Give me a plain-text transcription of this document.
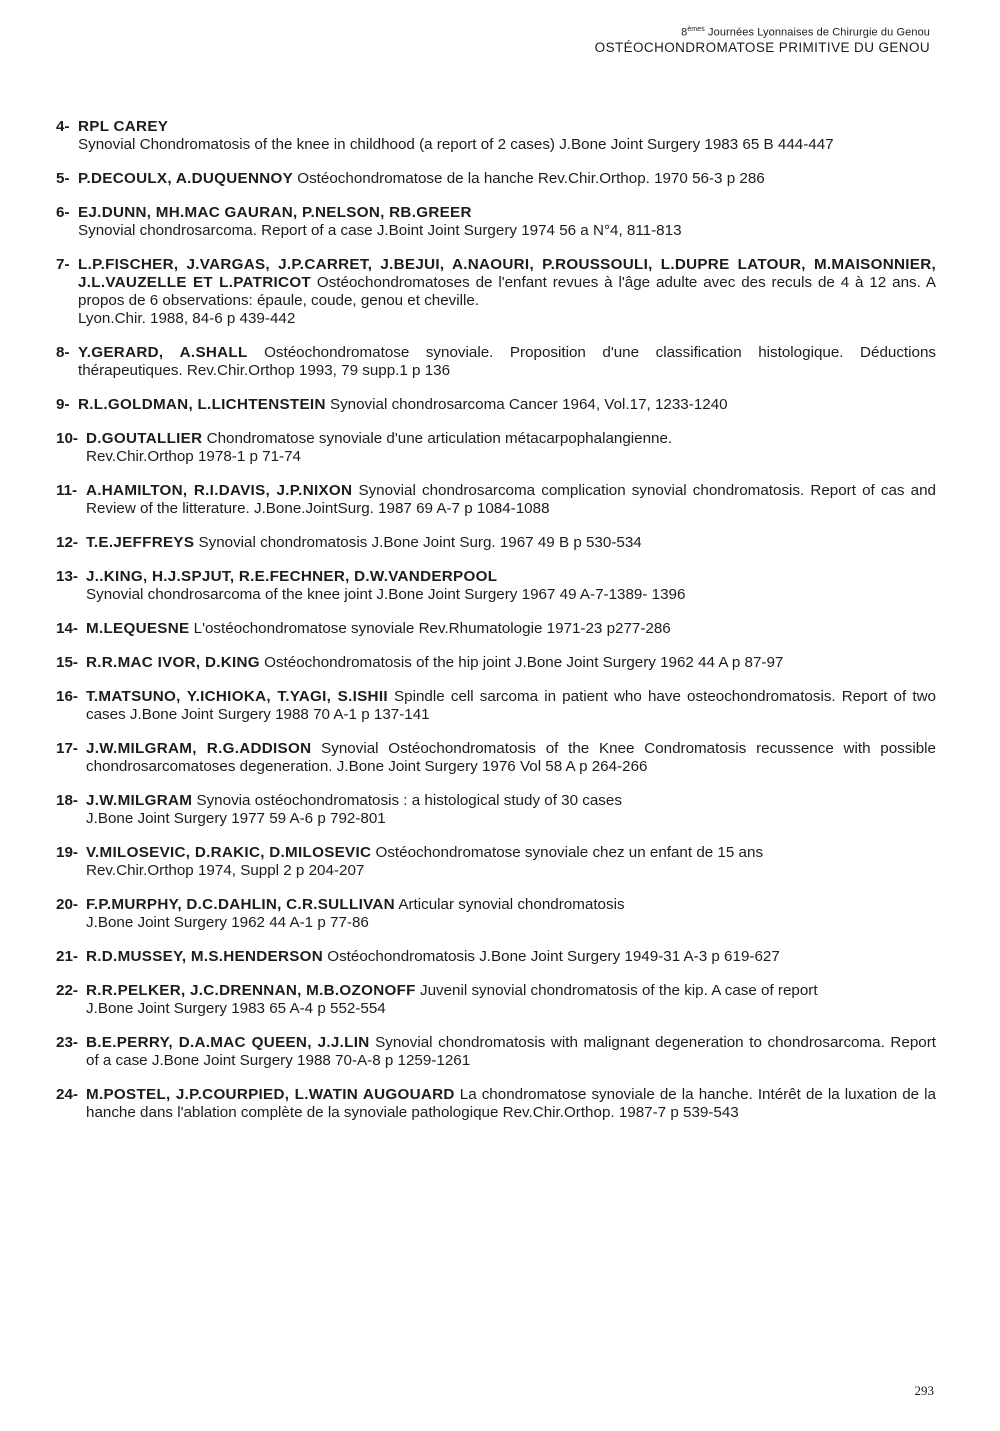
8èmes Journées Lyonnaises de Chirurgie du Genou
OSTÉOCHONDROMATOSE PRIMITIVE DU GENOU
4- RPL CAREY
Synovial Chondromatosis of the knee in childhood (a report of 2 cases) J.Bone Joint Surgery 1983 65 B 444-447
5- P.DECOULX, A.DUQUENNOY Ostéochondromatose de la hanche Rev.Chir.Orthop. 1970 56-3 p 286
6- EJ.DUNN, MH.MAC GAURAN, P.NELSON, RB.GREER
Synovial chondrosarcoma. Report of a case J.Boint Joint Surgery 1974 56 a N°4, 811-813
7- L.P.FISCHER, J.VARGAS, J.P.CARRET, J.BEJUI, A.NAOURI, P.ROUSSOULI, L.DUPRE LATOUR, M.MAISONNIER, J.L.VAUZELLE ET L.PATRICOT Ostéochondromatoses de l'enfant revues à l'âge adulte avec des reculs de 4 à 12 ans. A propos de 6 observations: épaule, coude, genou et cheville.
Lyon.Chir. 1988, 84-6 p 439-442
8- Y.GERARD, A.SHALL Ostéochondromatose synoviale. Proposition d'une classification histologique. Déductions thérapeutiques. Rev.Chir.Orthop 1993, 79 supp.1 p 136
9- R.L.GOLDMAN, L.LICHTENSTEIN Synovial chondrosarcoma Cancer 1964, Vol.17, 1233-1240
10- D.GOUTALLIER Chondromatose synoviale d'une articulation métacarpophalangienne.
Rev.Chir.Orthop 1978-1 p 71-74
11- A.HAMILTON, R.I.DAVIS, J.P.NIXON Synovial chondrosarcoma complication synovial chondromatosis. Report of cas and Review of the litterature. J.Bone.JointSurg. 1987 69 A-7 p 1084-1088
12- T.E.JEFFREYS Synovial chondromatosis J.Bone Joint Surg. 1967 49 B p 530-534
13- J..KING, H.J.SPJUT, R.E.FECHNER, D.W.VANDERPOOL
Synovial chondrosarcoma of the knee joint J.Bone Joint Surgery 1967 49 A-7-1389- 1396
14- M.LEQUESNE L'ostéochondromatose synoviale Rev.Rhumatologie 1971-23 p277-286
15- R.R.MAC IVOR, D.KING Ostéochondromatosis of the hip joint J.Bone Joint Surgery 1962 44 A p 87-97
16- T.MATSUNO, Y.ICHIOKA, T.YAGI, S.ISHII Spindle cell sarcoma in patient who have osteochondromatosis. Report of two cases J.Bone Joint Surgery 1988 70 A-1 p 137-141
17- J.W.MILGRAM, R.G.ADDISON Synovial Ostéochondromatosis of the Knee Condromatosis recussence with possible chondrosarcomatoses degeneration. J.Bone Joint Surgery 1976 Vol 58 A p 264-266
18- J.W.MILGRAM Synovia ostéochondromatosis : a histological study of 30 cases
J.Bone Joint Surgery 1977 59 A-6 p 792-801
19- V.MILOSEVIC, D.RAKIC, D.MILOSEVIC Ostéochondromatose synoviale chez un enfant de 15 ans
Rev.Chir.Orthop 1974, Suppl 2 p 204-207
20- F.P.MURPHY, D.C.DAHLIN, C.R.SULLIVAN Articular synovial chondromatosis
J.Bone Joint Surgery 1962 44 A-1 p 77-86
21- R.D.MUSSEY, M.S.HENDERSON Ostéochondromatosis J.Bone Joint Surgery 1949-31 A-3 p 619-627
22- R.R.PELKER, J.C.DRENNAN, M.B.OZONOFF Juvenil synovial chondromatosis of the kip. A case of report
J.Bone Joint Surgery 1983 65 A-4 p 552-554
23- B.E.PERRY, D.A.MAC QUEEN, J.J.LIN Synovial chondromatosis with malignant degeneration to chondrosarcoma. Report of a case J.Bone Joint Surgery 1988 70-A-8 p 1259-1261
24- M.POSTEL, J.P.COURPIED, L.WATIN AUGOUARD La chondromatose synoviale de la hanche. Intérêt de la luxation de la hanche dans l'ablation complète de la synoviale pathologique Rev.Chir.Orthop. 1987-7 p 539-543
293
